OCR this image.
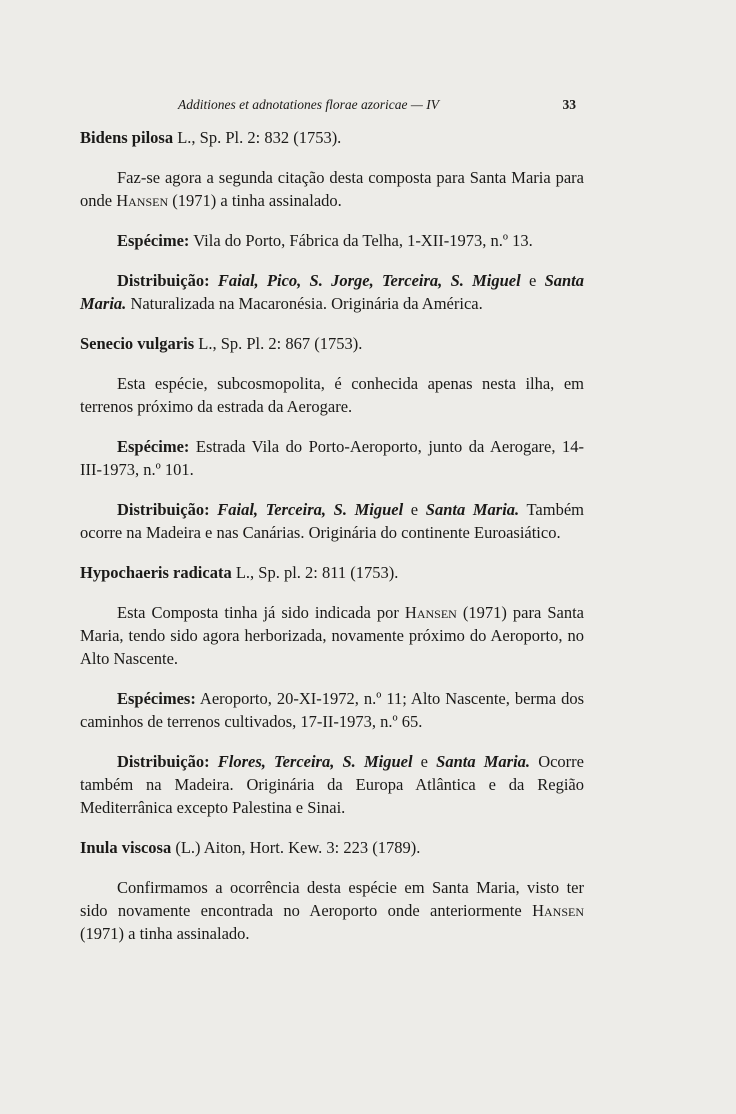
Additiones et adnotationes florae azoricae — IV	33
Bidens pilosa L., Sp. Pl. 2: 832 (1753).

Faz-se agora a segunda citação desta composta para Santa Maria para onde Hansen (1971) a tinha assinalado.

Espécime: Vila do Porto, Fábrica da Telha, 1-XII-1973, n.º 13.

Distribuição: Faial, Pico, S. Jorge, Terceira, S. Miguel e Santa Maria. Naturalizada na Macaronésia. Originária da América.

Senecio vulgaris L., Sp. Pl. 2: 867 (1753).

Esta espécie, subcosmopolita, é conhecida apenas nesta ilha, em terrenos próximo da estrada da Aerogare.

Espécime: Estrada Vila do Porto-Aeroporto, junto da Aerogare, 14-III-1973, n.º 101.

Distribuição: Faial, Terceira, S. Miguel e Santa Maria. Também ocorre na Madeira e nas Canárias. Originária do continente Euroasiático.

Hypochaeris radicata L., Sp. pl. 2: 811 (1753).

Esta Composta tinha já sido indicada por Hansen (1971) para Santa Maria, tendo sido agora herborizada, novamente próximo do Aeroporto, no Alto Nascente.

Espécimes: Aeroporto, 20-XI-1972, n.º 11; Alto Nascente, berma dos caminhos de terrenos cultivados, 17-II-1973, n.º 65.

Distribuição: Flores, Terceira, S. Miguel e Santa Maria. Ocorre também na Madeira. Originária da Europa Atlântica e da Região Mediterrânica excepto Palestina e Sinai.

Inula viscosa (L.) Aiton, Hort. Kew. 3: 223 (1789).

Confirmamos a ocorrência desta espécie em Santa Maria, visto ter sido novamente encontrada no Aeroporto onde anteriormente Hansen (1971) a tinha assinalado.
